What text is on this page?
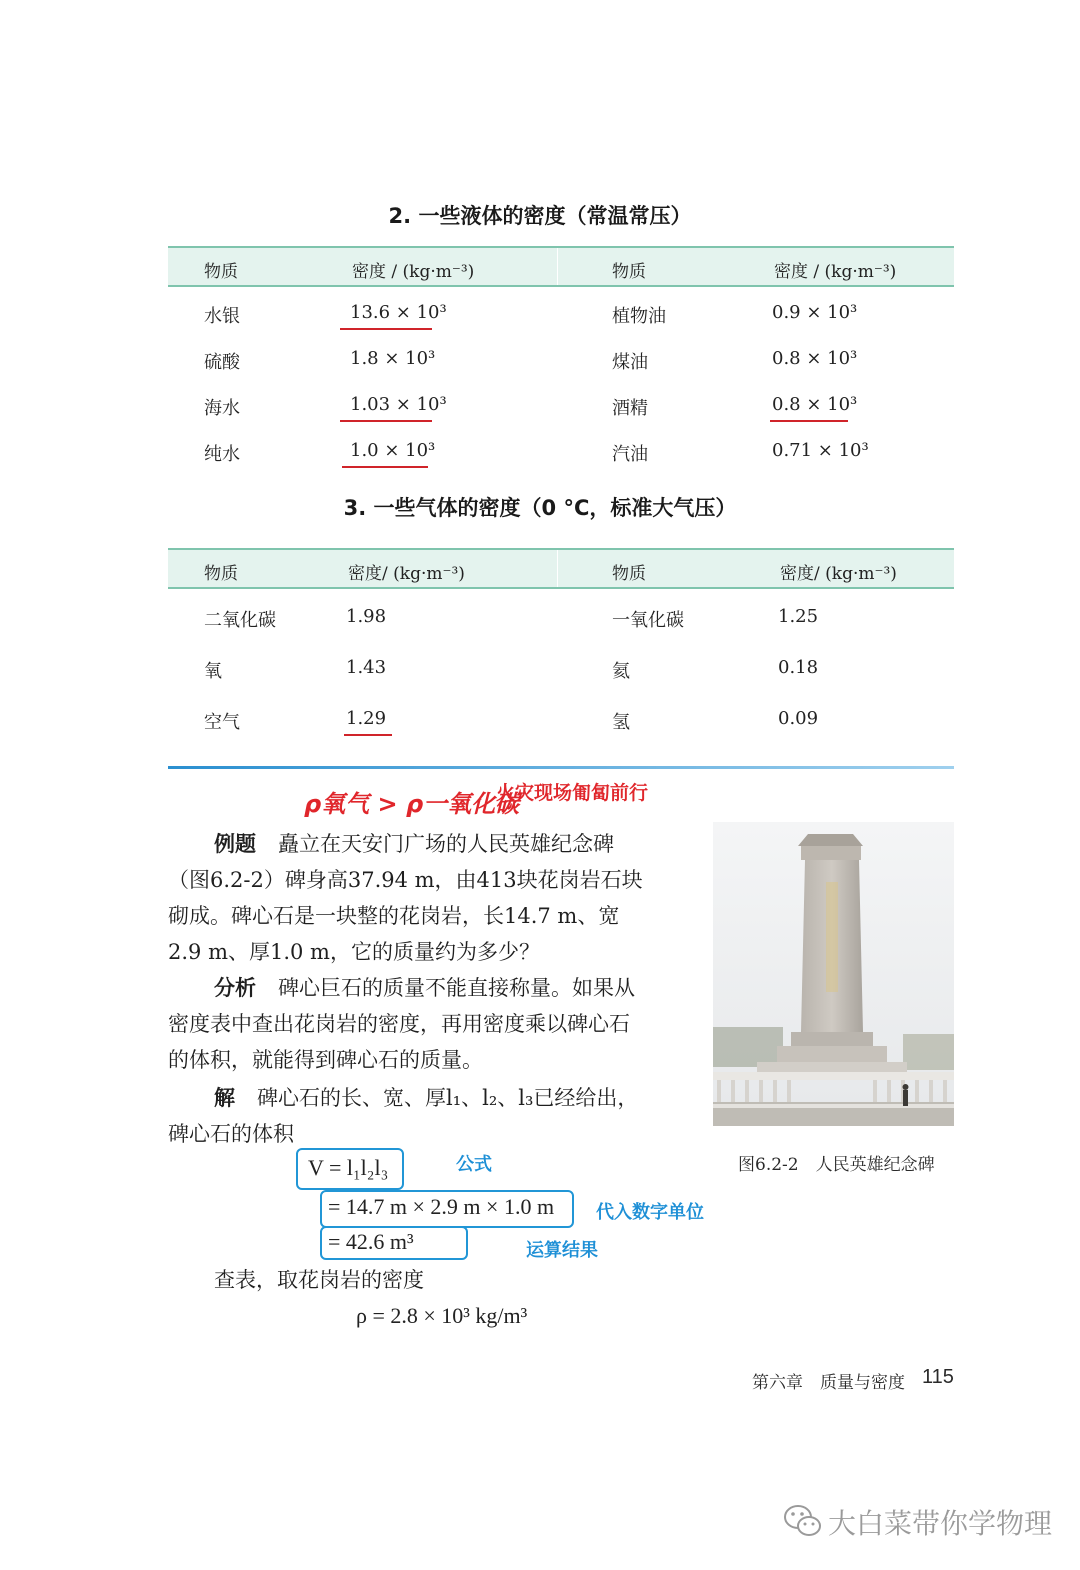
2. 一些液体的密度（常温常压）
物质	密度 / (kg·m⁻³)	物质	密度 / (kg·m⁻³)
水银	13.6 × 10³	植物油	0.9 × 10³
硫酸	1.8 × 10³	煤油	0.8 × 10³
海水	1.03 × 10³	酒精	0.8 × 10³
纯水	1.0 × 10³	汽油	0.71 × 10³
3. 一些气体的密度（0 °C，标准大气压）
物质	密度/ (kg·m⁻³)	物质	密度/ (kg·m⁻³)
二氧化碳	1.98	一氧化碳	1.25
氧	1.43	氦	0.18
空气	1.29	氢	0.09
ρ氧气 > ρ一氧化碳
火灾现场匍匐前行
例题 矗立在天安门广场的人民英雄纪念碑
（图6.2-2）碑身高37.94 m，由413块花岗岩石块
砌成。碑心石是一块整的花岗岩，长14.7 m、宽
2.9 m、厚1.0 m，它的质量约为多少？
分析 碑心巨石的质量不能直接称量。如果从
密度表中查出花岗岩的密度，再用密度乘以碑心石
的体积，就能得到碑心石的质量。
解 碑心石的长、宽、厚l₁、l₂、l₃已经给出，
碑心石的体积
V = l₁l₂l₃	公式
= 14.7 m × 2.9 m × 1.0 m 代入数字单位
= 42.6 m³	运算结果
查表，取花岗岩的密度
ρ = 2.8 × 10³ kg/m³
图6.2-2　人民英雄纪念碑
第六章　质量与密度 115
大白菜带你学物理
